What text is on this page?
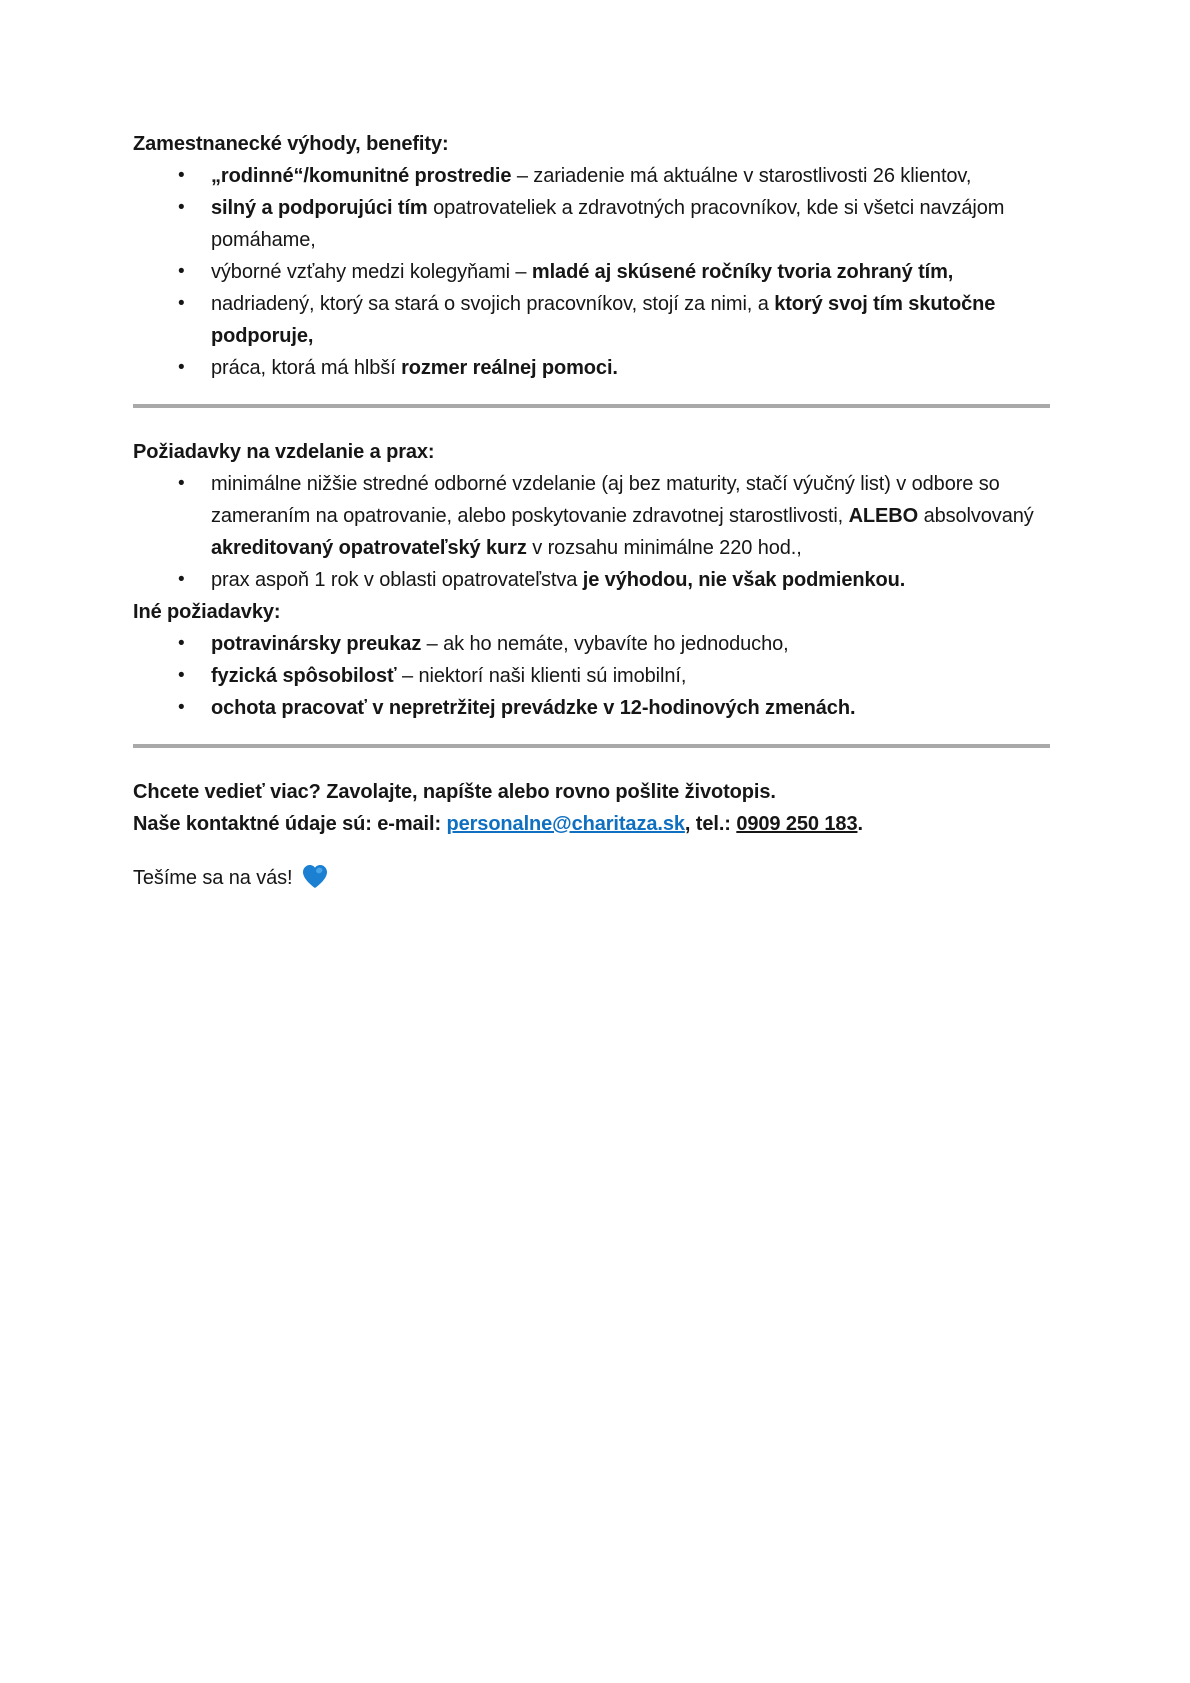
Zamestnanecké výhody, benefity:
• „rodinné“/komunitné prostredie – zariadenie má aktuálne v starostlivosti 26 klientov,
• silný a podporujúci tím opatrovateliek a zdravotných pracovníkov, kde si všetci navzájom pomáhame,
• výborné vzťahy medzi kolegyňami – mladé aj skúsené ročníky tvoria zohraný tím,
• nadriadený, ktorý sa stará o svojich pracovníkov, stojí za nimi, a ktorý svoj tím skutočne podporuje,
• práca, ktorá má hlbší rozmer reálnej pomoci.
Požiadavky na vzdelanie a prax:
• minimálne nižšie stredné odborné vzdelanie (aj bez maturity, stačí výučný list) v odbore so zameraním na opatrovanie, alebo poskytovanie zdravotnej starostlivosti, ALEBO absolvovaný akreditovaný opatrovateľský kurz v rozsahu minimálne 220 hod.,
• prax aspoň 1 rok v oblasti opatrovateľstva je výhodou, nie však podmienkou.
Iné požiadavky:
• potravinársky preukaz – ak ho nemáte, vybavíte ho jednoducho,
• fyzická spôsobilosť – niektorí naši klienti sú imobilní,
• ochota pracovať v nepretržitej prevádzke v 12-hodinových zmenách.

Chcete vedieť viac? Zavolajte, napíšte alebo rovno pošlite životopis.

Naše kontaktné údaje sú: e-mail: personalne@charitaza.sk, tel.: 0909 250 183.

Tešíme sa na vás!
